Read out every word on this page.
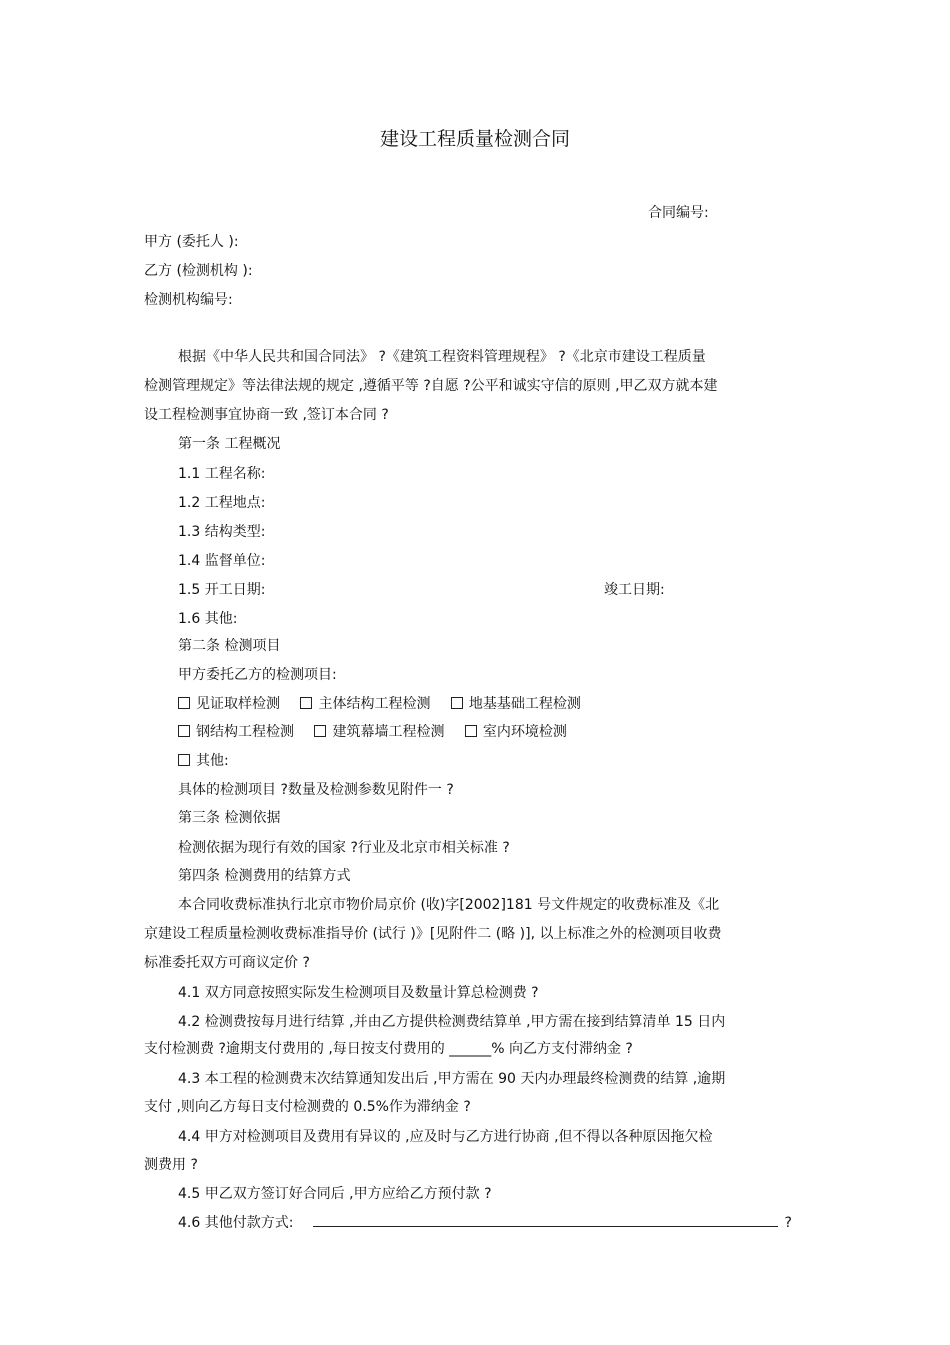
建设工程质量检测合同
合同编号:
甲方 (委托人 ):
乙方 (检测机构 ):
检测机构编号:
根据《中华人民共和国合同法》 ?《建筑工程资料管理规程》 ?《北京市建设工程质量
检测管理规定》等法律法规的规定 ,遵循平等 ?自愿 ?公平和诚实守信的原则 ,甲乙双方就本建
设工程检测事宜协商一致 ,签订本合同 ?
第一条 工程概况
1.1 工程名称:
1.2 工程地点:
1.3 结构类型:
1.4 监督单位:
1.5 开工日期:	竣工日期:
1.6 其他:
第二条 检测项目
甲方委托乙方的检测项目:
见证取样检测	主体结构工程检测	地基基础工程检测
钢结构工程检测	建筑幕墙工程检测	室内环境检测
其他:
具体的检测项目 ?数量及检测参数见附件一 ?
第三条 检测依据
检测依据为现行有效的国家 ?行业及北京市相关标准 ?
第四条 检测费用的结算方式
本合同收费标准执行北京市物价局京价 (收)字[2002]181 号文件规定的收费标准及《北
京建设工程质量检测收费标准指导价 (试行 )》[见附件二 (略 )], 以上标准之外的检测项目收费
标准委托双方可商议定价 ?
4.1 双方同意按照实际发生检测项目及数量计算总检测费 ?
4.2 检测费按每月进行结算 ,并由乙方提供检测费结算单 ,甲方需在接到结算清单 15 日内
支付检测费 ?逾期支付费用的 ,每日按支付费用的 ______% 向乙方支付滞纳金 ?
4.3 本工程的检测费末次结算通知发出后 ,甲方需在 90 天内办理最终检测费的结算 ,逾期
支付 ,则向乙方每日支付检测费的 0.5%作为滞纳金 ?
4.4 甲方对检测项目及费用有异议的 ,应及时与乙方进行协商 ,但不得以各种原因拖欠检
测费用 ?
4.5 甲乙双方签订好合同后 ,甲方应给乙方预付款 ?
4.6 其他付款方式:	?
